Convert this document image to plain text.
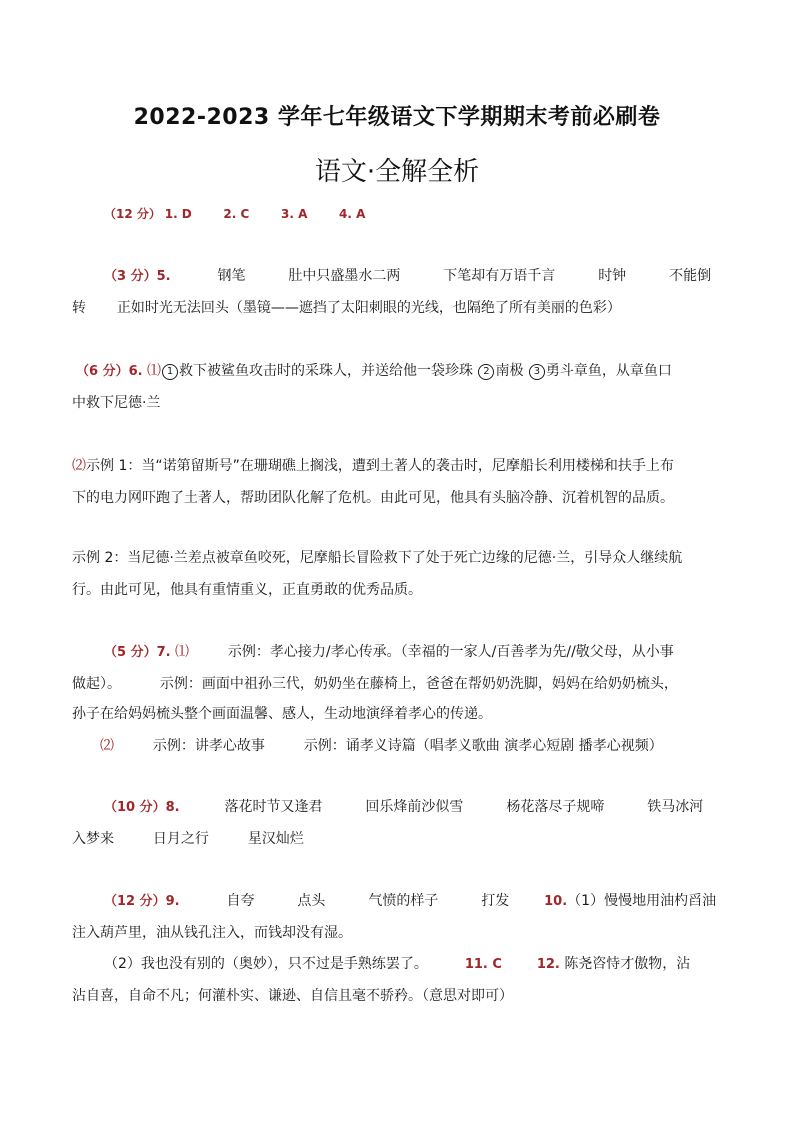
2022-2023 学年七年级语文下学期期末考前必刷卷
语文·全解全析
（12 分） 1. D	2. C	3. A	4. A
（3 分）5.	钢笔	肚中只盛墨水二两	下笔却有万语千言	时钟	不能倒
转 正如时光无法回头（墨镜——遮挡了太阳刺眼的光线，也隔绝了所有美丽的色彩）
（6 分）6. ⑴ 1 救下被鲨鱼攻击时的采珠人，并送给他一袋珍珠 2 南极 3 勇斗章鱼，从章鱼口
中救下尼德·兰
⑵示例 1：当“诺第留斯号”在珊瑚礁上搁浅，遭到土著人的袭击时，尼摩船长利用楼梯和扶手上布
下的电力网吓跑了土著人，帮助团队化解了危机。由此可见，他具有头脑冷静、沉着机智的品质。
示例 2：当尼德·兰差点被章鱼咬死，尼摩船长冒险救下了处于死亡边缘的尼德·兰，引导众人继续航
行。由此可见，他具有重情重义，正直勇敢的优秀品质。
（5 分）7. ⑴	示例：孝心接力/孝心传承。（幸福的一家人/百善孝为先//敬父母，从小事
做起）。	示例：画面中祖孙三代，奶奶坐在藤椅上，爸爸在帮奶奶洗脚，妈妈在给奶奶梳头，
孙子在给妈妈梳头整个画面温馨、感人，生动地演绎着孝心的传递。
⑵	示例：讲孝心故事	示例：诵孝义诗篇（唱孝义歌曲 演孝心短剧 播孝心视频）
（10 分）8.	落花时节又逢君	回乐烽前沙似雪	杨花落尽子规啼	铁马冰河
入梦来	日月之行	星汉灿烂
（12 分）9.	自夸	点头	气愤的样子	打发	10.（1）慢慢地用油杓舀油
注入葫芦里，油从钱孔注入，而钱却没有湿。
（2）我也没有别的（奥妙），只不过是手熟练罢了。	11. C	12. 陈尧咨恃才傲物，沾
沾自喜，自命不凡；何灌朴实、谦逊、自信且毫不骄矜。（意思对即可）
